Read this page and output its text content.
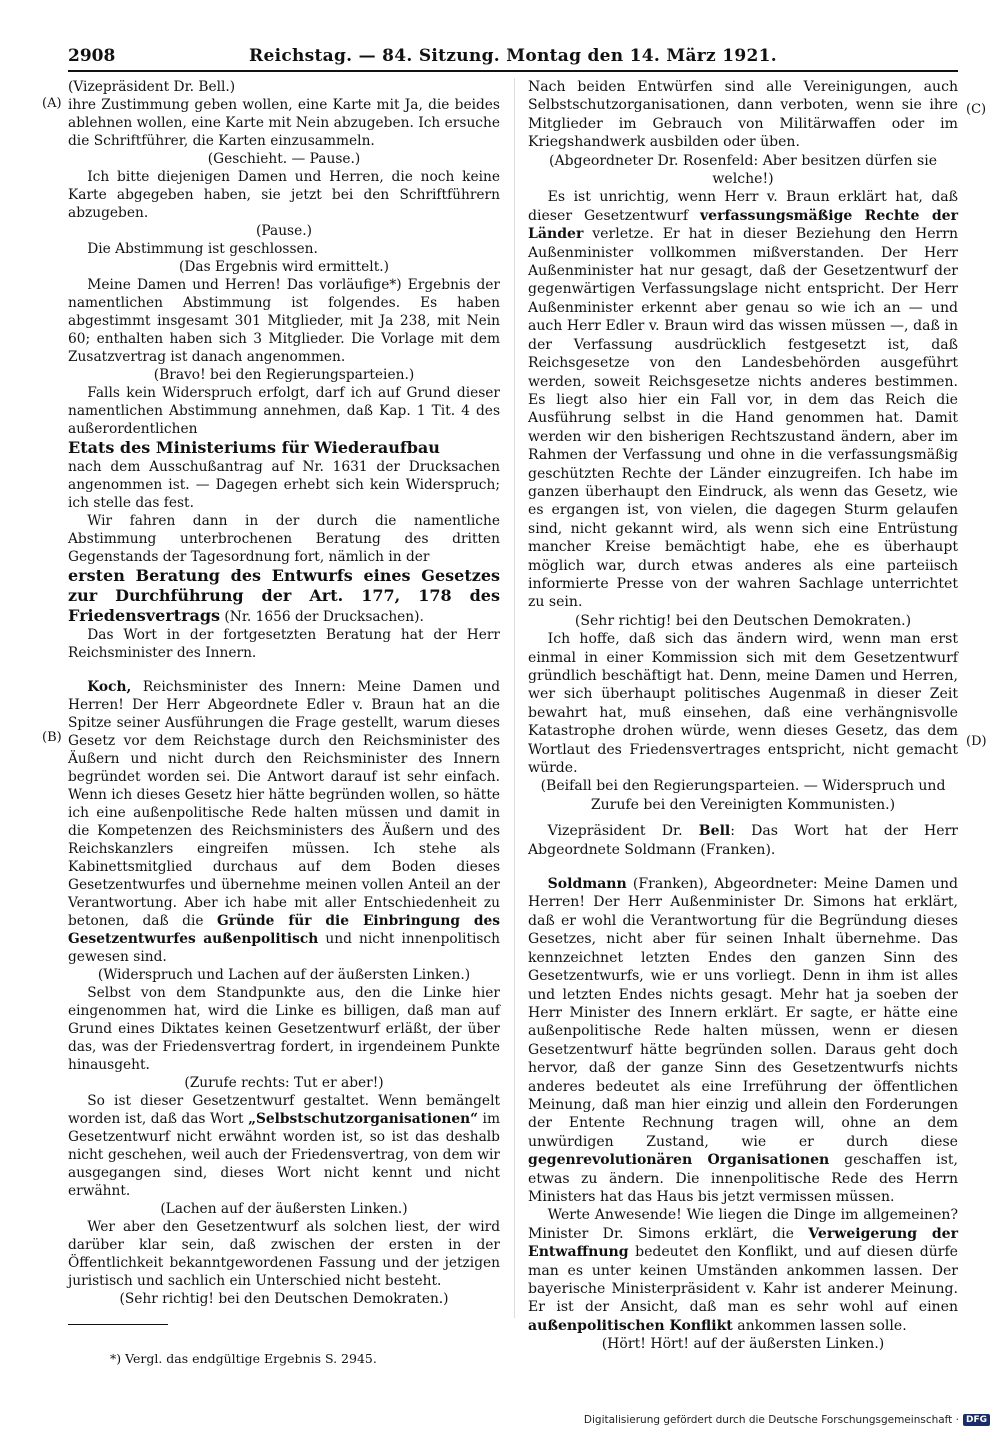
2908	Reichstag. — 84. Sitzung. Montag den 14. März 1921.
(A)
(B)
(C)
(D)

(Vizepräsident Dr. Bell.)

ihre Zustimmung geben wollen, eine Karte mit Ja, die beides ablehnen wollen, eine Karte mit Nein abzugeben. Ich ersuche die Schriftführer, die Karten einzusammeln.

(Geschieht. — Pause.)

Ich bitte diejenigen Damen und Herren, die noch keine Karte abgegeben haben, sie jetzt bei den Schriftführern abzugeben.

(Pause.)

Die Abstimmung ist geschlossen.

(Das Ergebnis wird ermittelt.)

Meine Damen und Herren! Das vorläufige*) Ergebnis der namentlichen Abstimmung ist folgendes. Es haben abgestimmt insgesamt 301 Mitglieder, mit Ja 238, mit Nein 60; enthalten haben sich 3 Mitglieder. Die Vorlage mit dem Zusatzvertrag ist danach angenommen.

(Bravo! bei den Regierungsparteien.)

Falls kein Widerspruch erfolgt, darf ich auf Grund dieser namentlichen Abstimmung annehmen, daß Kap. 1 Tit. 4 des außerordentlichen

Etats des Ministeriums für Wiederaufbau

nach dem Ausschußantrag auf Nr. 1631 der Drucksachen angenommen ist. — Dagegen erhebt sich kein Widerspruch; ich stelle das fest.

Wir fahren dann in der durch die namentliche Abstimmung unterbrochenen Beratung des dritten Gegenstands der Tagesordnung fort, nämlich in der

ersten Beratung des Entwurfs eines Gesetzes zur Durchführung der Art. 177, 178 des Friedensvertrags (Nr. 1656 der Drucksachen).

Das Wort in der fortgesetzten Beratung hat der Herr Reichsminister des Innern.

Koch, Reichsminister des Innern: Meine Damen und Herren! Der Herr Abgeordnete Edler v. Braun hat an die Spitze seiner Ausführungen die Frage gestellt, warum dieses Gesetz vor dem Reichstage durch den Reichsminister des Äußern und nicht durch den Reichsminister des Innern begründet worden sei. Die Antwort darauf ist sehr einfach. Wenn ich dieses Gesetz hier hätte begründen wollen, so hätte ich eine außenpolitische Rede halten müssen und damit in die Kompetenzen des Reichsministers des Äußern und des Reichskanzlers eingreifen müssen. Ich stehe als Kabinettsmitglied durchaus auf dem Boden dieses Gesetzentwurfes und übernehme meinen vollen Anteil an der Verantwortung. Aber ich habe mit aller Entschiedenheit zu betonen, daß die Gründe für die Einbringung des Gesetzentwurfes außenpolitisch und nicht innenpolitisch gewesen sind.

(Widerspruch und Lachen auf der äußersten Linken.)

Selbst von dem Standpunkte aus, den die Linke hier eingenommen hat, wird die Linke es billigen, daß man auf Grund eines Diktates keinen Gesetzentwurf erläßt, der über das, was der Friedensvertrag fordert, in irgendeinem Punkte hinausgeht.

(Zurufe rechts: Tut er aber!)

So ist dieser Gesetzentwurf gestaltet. Wenn bemängelt worden ist, daß das Wort „Selbstschutzorganisationen“ im Gesetzentwurf nicht erwähnt worden ist, so ist das deshalb nicht geschehen, weil auch der Friedensvertrag, von dem wir ausgegangen sind, dieses Wort nicht kennt und nicht erwähnt.

(Lachen auf der äußersten Linken.)

Wer aber den Gesetzentwurf als solchen liest, der wird darüber klar sein, daß zwischen der ersten in der Öffentlichkeit bekanntgewordenen Fassung und der jetzigen juristisch und sachlich ein Unterschied nicht besteht.

(Sehr richtig! bei den Deutschen Demokraten.)

Nach beiden Entwürfen sind alle Vereinigungen, auch Selbstschutzorganisationen, dann verboten, wenn sie ihre Mitglieder im Gebrauch von Militärwaffen oder im Kriegshandwerk ausbilden oder üben.

(Abgeordneter Dr. Rosenfeld: Aber besitzen dürfen sie welche!)

Es ist unrichtig, wenn Herr v. Braun erklärt hat, daß dieser Gesetzentwurf verfassungsmäßige Rechte der Länder verletze. Er hat in dieser Beziehung den Herrn Außenminister vollkommen mißverstanden. Der Herr Außenminister hat nur gesagt, daß der Gesetzentwurf der gegenwärtigen Verfassungslage nicht entspricht. Der Herr Außenminister erkennt aber genau so wie ich an — und auch Herr Edler v. Braun wird das wissen müssen —, daß in der Verfassung ausdrücklich festgesetzt ist, daß Reichsgesetze von den Landesbehörden ausgeführt werden, soweit Reichsgesetze nichts anderes bestimmen. Es liegt also hier ein Fall vor, in dem das Reich die Ausführung selbst in die Hand genommen hat. Damit werden wir den bisherigen Rechtszustand ändern, aber im Rahmen der Verfassung und ohne in die verfassungsmäßig geschützten Rechte der Länder einzugreifen. Ich habe im ganzen überhaupt den Eindruck, als wenn das Gesetz, wie es ergangen ist, von vielen, die dagegen Sturm gelaufen sind, nicht gekannt wird, als wenn sich eine Entrüstung mancher Kreise bemächtigt habe, ehe es überhaupt möglich war, durch etwas anderes als eine parteiisch informierte Presse von der wahren Sachlage unterrichtet zu sein.

(Sehr richtig! bei den Deutschen Demokraten.)

Ich hoffe, daß sich das ändern wird, wenn man erst einmal in einer Kommission sich mit dem Gesetzentwurf gründlich beschäftigt hat. Denn, meine Damen und Herren, wer sich überhaupt politisches Augenmaß in dieser Zeit bewahrt hat, muß einsehen, daß eine verhängnisvolle Katastrophe drohen würde, wenn dieses Gesetz, das dem Wortlaut des Friedensvertrages entspricht, nicht gemacht würde.

(Beifall bei den Regierungsparteien. — Widerspruch und Zurufe bei den Vereinigten Kommunisten.)

Vizepräsident Dr. Bell: Das Wort hat der Herr Abgeordnete Soldmann (Franken).

Soldmann (Franken), Abgeordneter: Meine Damen und Herren! Der Herr Außenminister Dr. Simons hat erklärt, daß er wohl die Verantwortung für die Begründung dieses Gesetzes, nicht aber für seinen Inhalt übernehme. Das kennzeichnet letzten Endes den ganzen Sinn des Gesetzentwurfs, wie er uns vorliegt. Denn in ihm ist alles und letzten Endes nichts gesagt. Mehr hat ja soeben der Herr Minister des Innern erklärt. Er sagte, er hätte eine außenpolitische Rede halten müssen, wenn er diesen Gesetzentwurf hätte begründen sollen. Daraus geht doch hervor, daß der ganze Sinn des Gesetzentwurfs nichts anderes bedeutet als eine Irreführung der öffentlichen Meinung, daß man hier einzig und allein den Forderungen der Entente Rechnung tragen will, ohne an dem unwürdigen Zustand, wie er durch diese gegenrevolutionären Organisationen geschaffen ist, etwas zu ändern. Die innenpolitische Rede des Herrn Ministers hat das Haus bis jetzt vermissen müssen.

Werte Anwesende! Wie liegen die Dinge im allgemeinen? Minister Dr. Simons erklärt, die Verweigerung der Entwaffnung bedeutet den Konflikt, und auf diesen dürfe man es unter keinen Umständen ankommen lassen. Der bayerische Ministerpräsident v. Kahr ist anderer Meinung. Er ist der Ansicht, daß man es sehr wohl auf einen außenpolitischen Konflikt ankommen lassen solle.

(Hört! Hört! auf der äußersten Linken.)

*) Vergl. das endgültige Ergebnis S. 2945.

Digitalisierung gefördert durch die Deutsche Forschungsgemeinschaft · DFG
